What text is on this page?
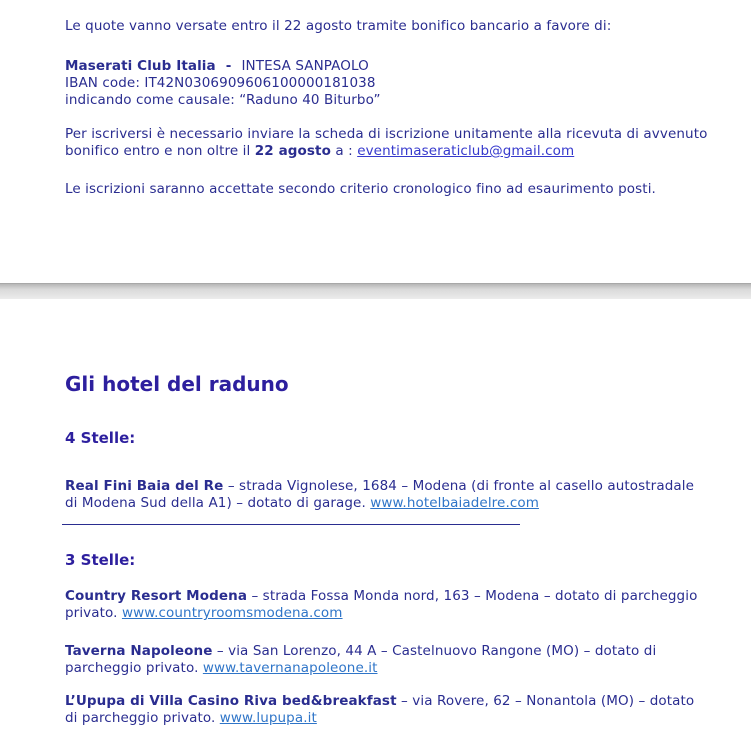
Le quote vanno versate entro il 22 agosto tramite bonifico bancario a favore di:

Maserati Club Italia - INTESA SANPAOLO
IBAN code: IT42N0306909606100000181038
indicando come causale: “Raduno 40 Biturbo”

Per iscriversi è necessario inviare la scheda di iscrizione unitamente alla ricevuta di avvenuto bonifico entro e non oltre il 22 agosto a : eventimaseraticlub@gmail.com

Le iscrizioni saranno accettate secondo criterio cronologico fino ad esaurimento posti.

Gli hotel del raduno
4 Stelle:

Real Fini Baia del Re – strada Vignolese, 1684 – Modena (di fronte al casello autostradale di Modena Sud della A1) – dotato di garage. www.hotelbaiadelre.com

3 Stelle:

Country Resort Modena – strada Fossa Monda nord, 163 – Modena – dotato di parcheggio privato. www.countryroomsmodena.com

Taverna Napoleone – via San Lorenzo, 44 A – Castelnuovo Rangone (MO) – dotato di parcheggio privato. www.tavernanapoleone.it

L’Upupa di Villa Casino Riva bed&breakfast – via Rovere, 62 – Nonantola (MO) – dotato di parcheggio privato. www.lupupa.it
